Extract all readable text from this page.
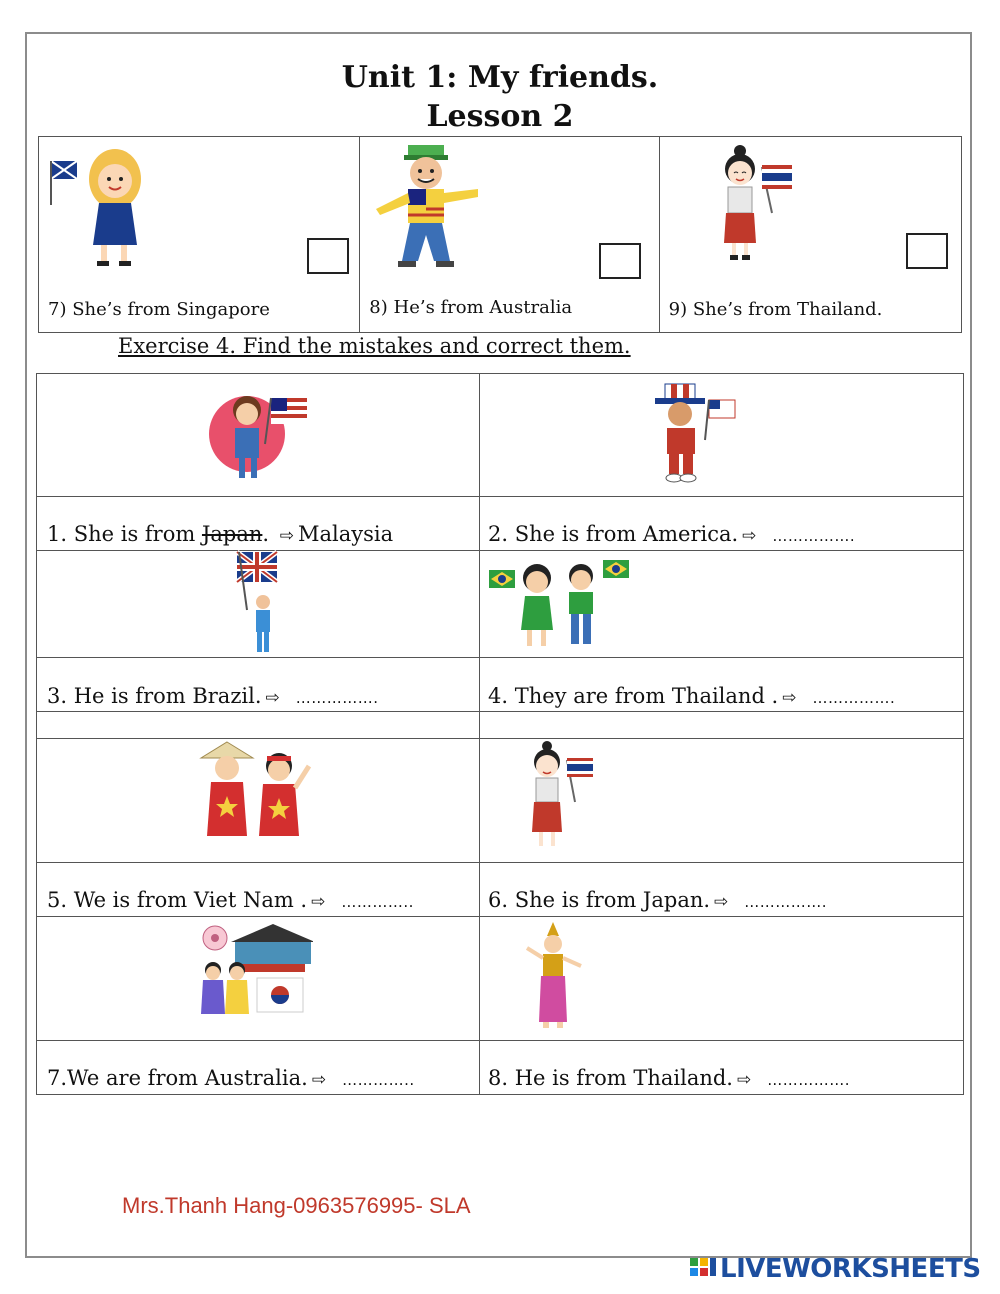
Unit 1: My friends.
Lesson 2
7) She’s from Singapore	8) He’s from Australia	9) She’s from Thailand.
Exercise 4. Find the mistakes and correct them.
1. She is from Japan. ⇨ Malaysia	2. She is from America. ⇨ …………….
3. He is from Brazil. ⇨ …………….	4. They are from Thailand . ⇨ …………….
5. We is from Viet Nam . ⇨ …………..	6. She is from Japan. ⇨ …………….
7.We are from Australia. ⇨ …………..	8. He is from Thailand. ⇨ …………….
Mrs.Thanh Hang-0963576995- SLA
LIVEWORKSHEETS
